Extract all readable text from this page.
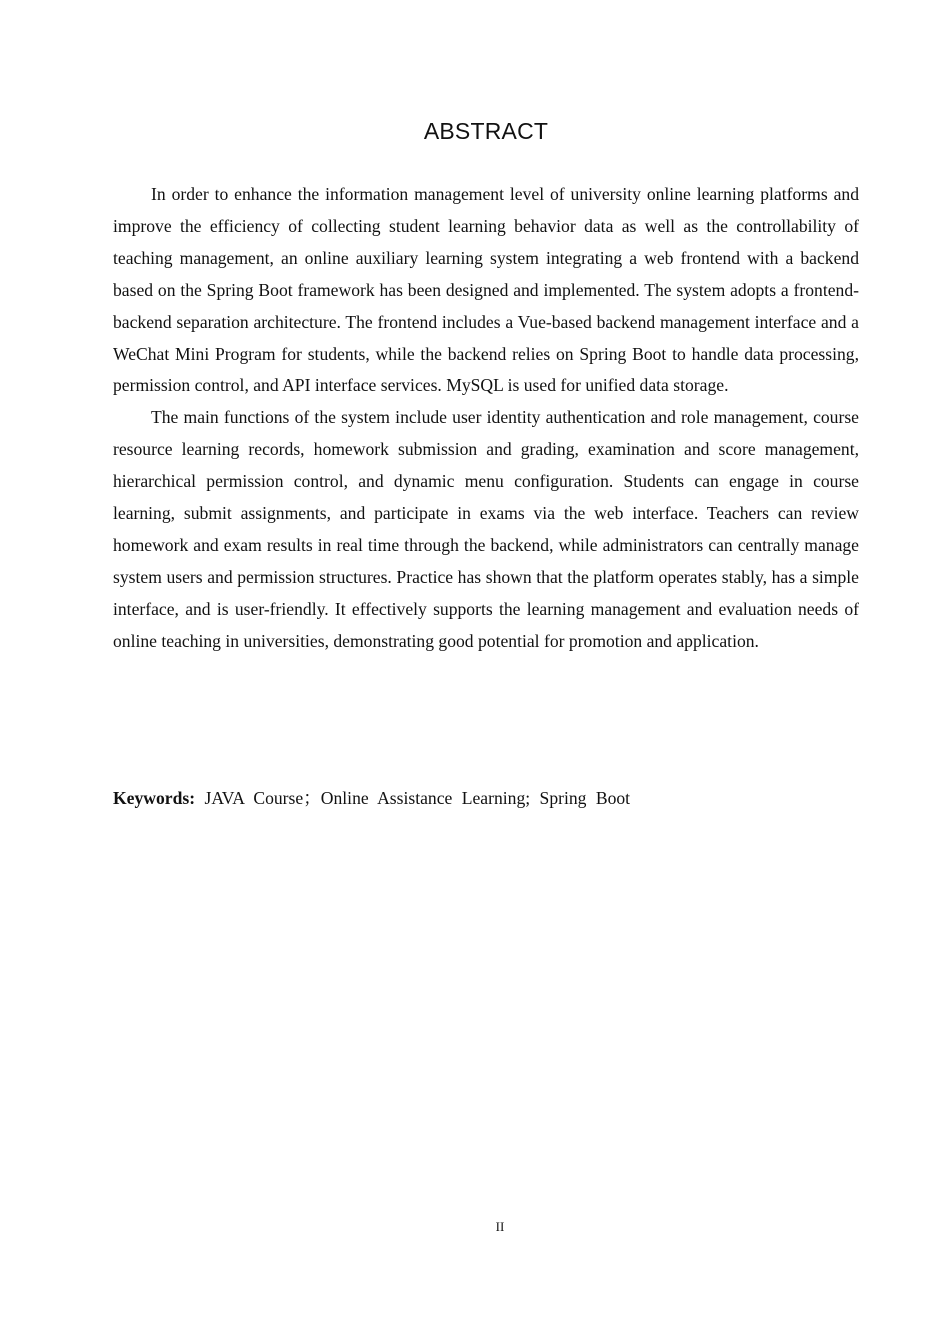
ABSTRACT

In order to enhance the information management level of university online learning platforms and improve the efficiency of collecting student learning behavior data as well as the controllability of teaching management, an online auxiliary learning system integrating a web frontend with a backend based on the Spring Boot framework has been designed and implemented. The system adopts a frontend-backend separation architecture. The frontend includes a Vue-based backend management interface and a WeChat Mini Program for students, while the backend relies on Spring Boot to handle data processing, permission control, and API interface services. MySQL is used for unified data storage.

The main functions of the system include user identity authentication and role management, course resource learning records, homework submission and grading, examination and score management, hierarchical permission control, and dynamic menu configuration. Students can engage in course learning, submit assignments, and participate in exams via the web interface. Teachers can review homework and exam results in real time through the backend, while administrators can centrally manage system users and permission structures. Practice has shown that the platform operates stably, has a simple interface, and is user-friendly. It effectively supports the learning management and evaluation needs of online teaching in universities, demonstrating good potential for promotion and application.

Keywords: JAVA Course；Online Assistance Learning; Spring Boot
II
